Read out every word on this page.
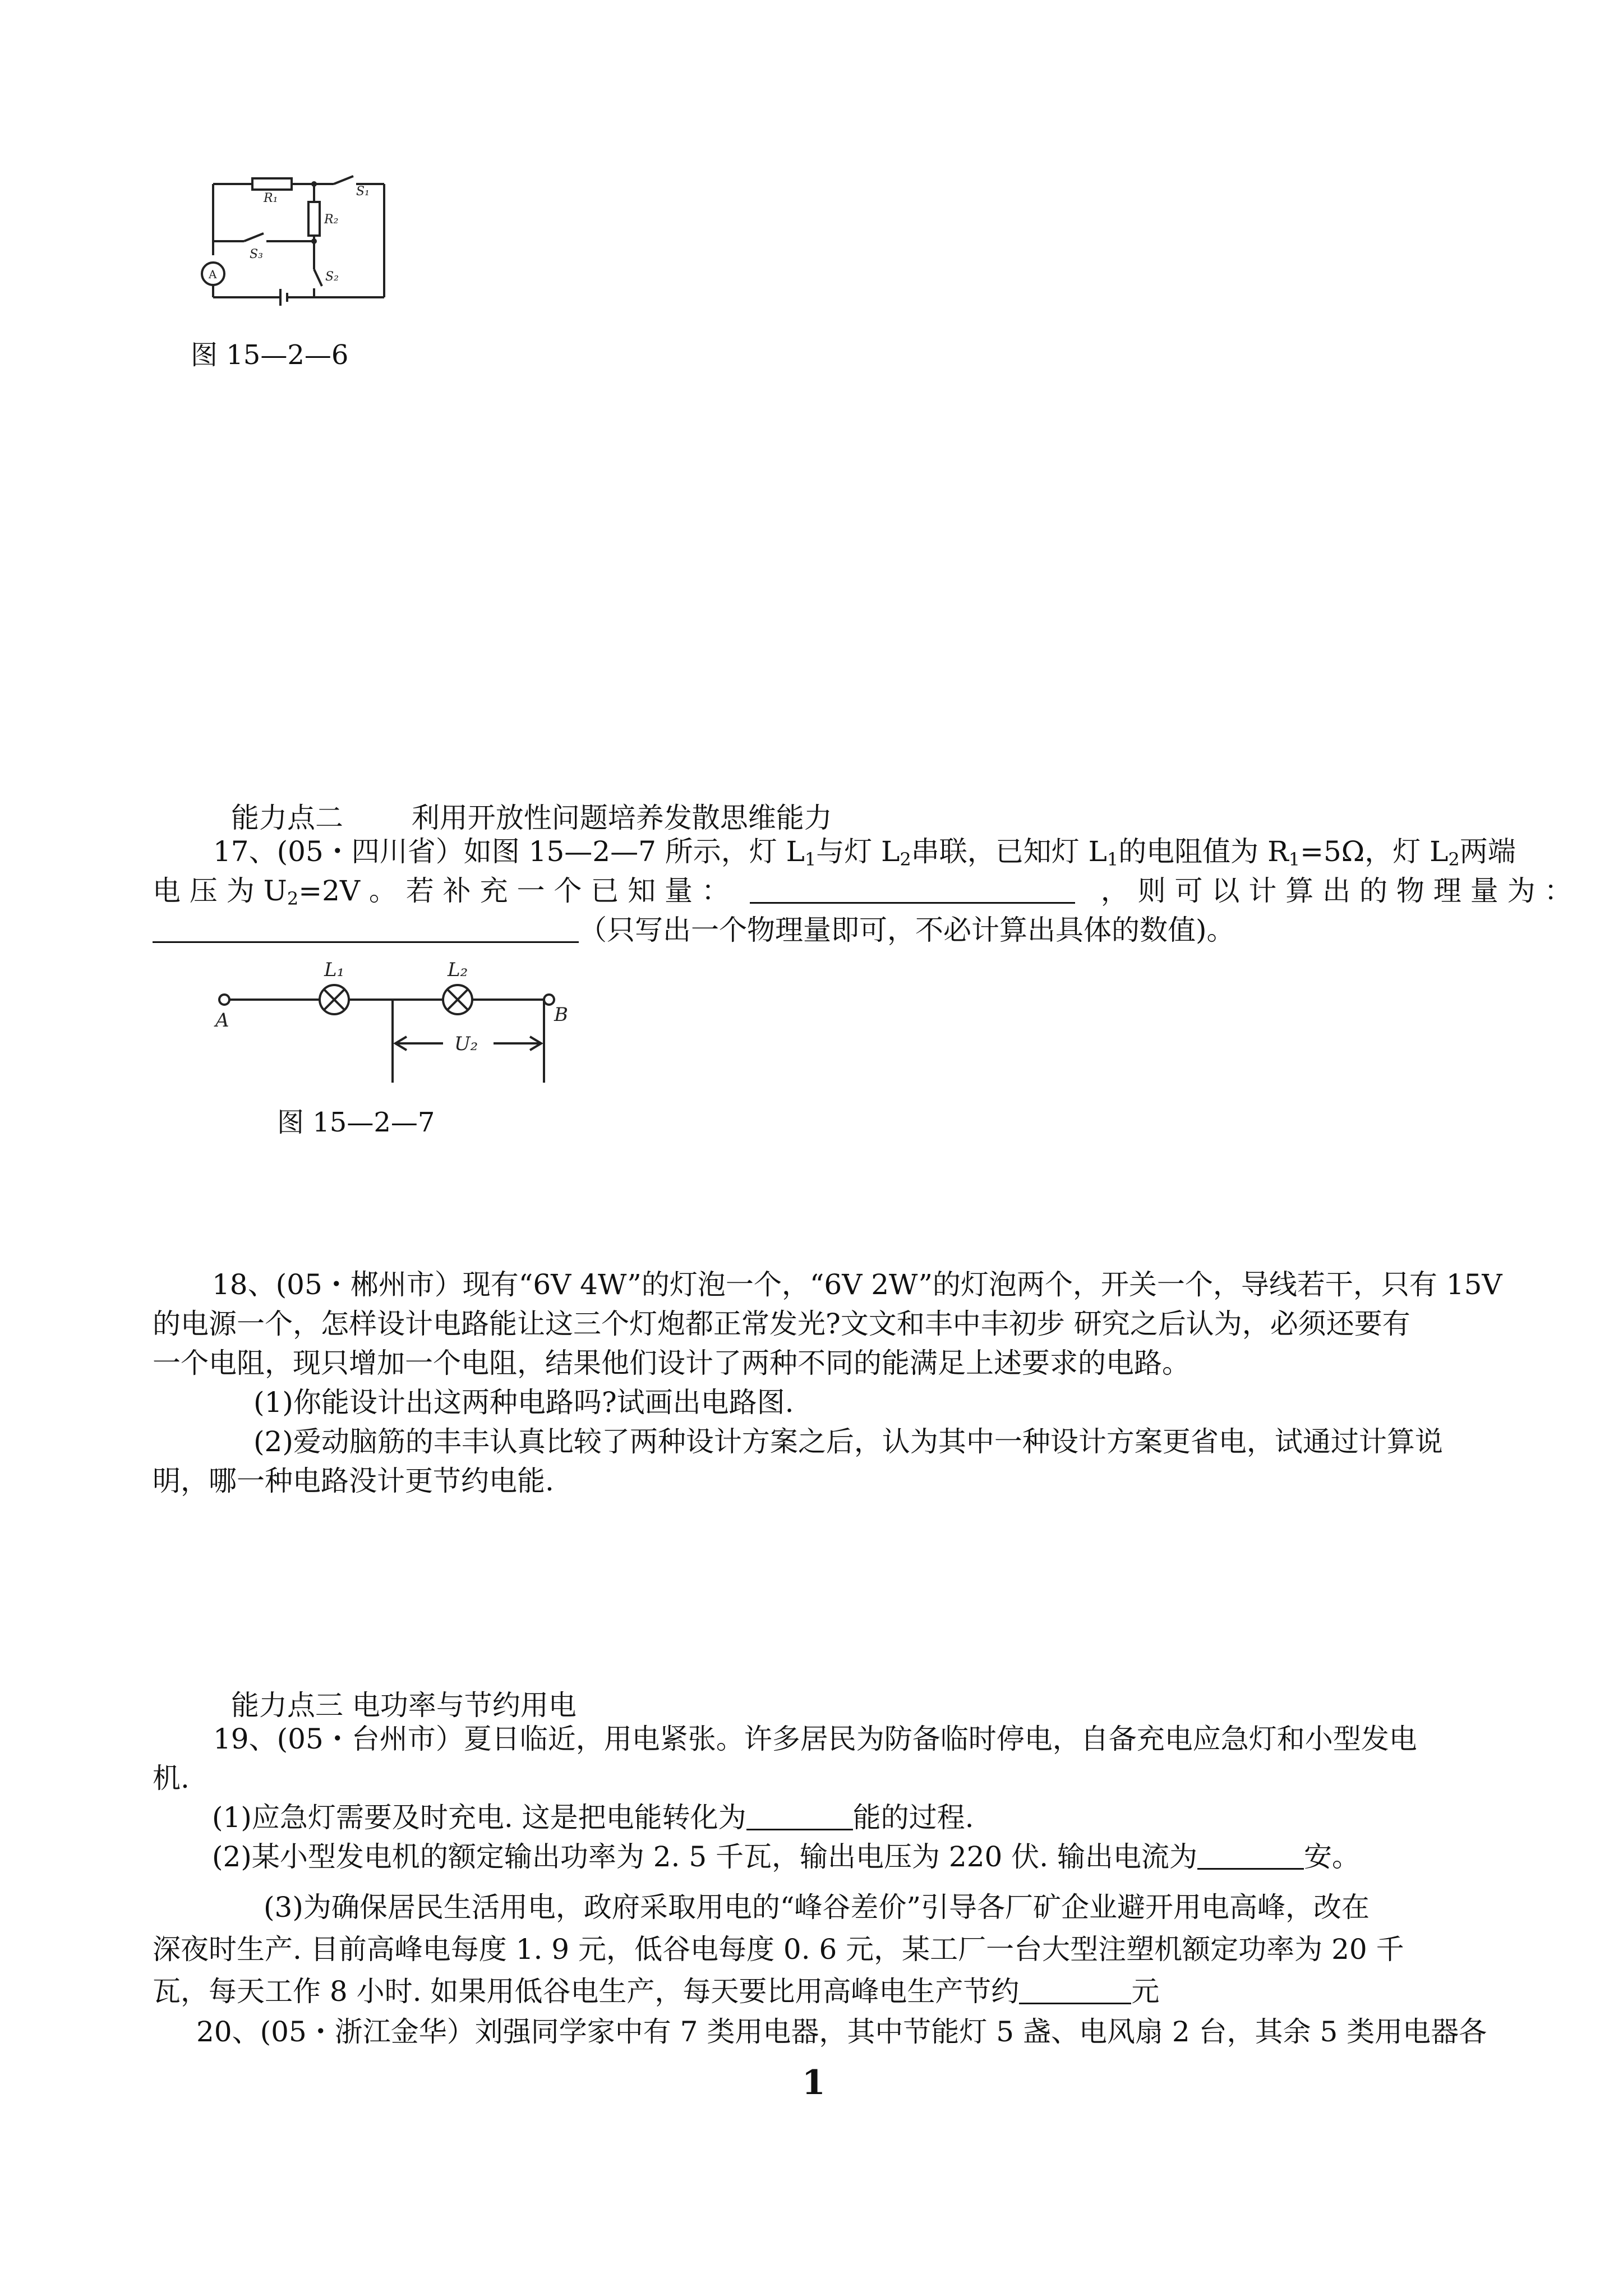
R₁
R₂
S₁
S₃
S₂
A
图 15—2—6
能力点二 利用开放性问题培养发散思维能力
17、(05・四川省）如图 15—2—7 所示，灯 $L_1$与灯 $L_2$串联，已知灯 $L_1$的电阻值为 $R_1=5\Omega$，灯 $L_2$两端
电 压 为 $U_2=2V$ 。 若 补 充 一 个 已 知 量 ：	， 则 可 以 计 算 出 的 物 理 量 为 ：
（只写出一个物理量即可，不必计算出具体的数值)。
L₁	L₂
A	B
U₂
图 15—2—7
18、(05・郴州市）现有“6V 4W”的灯泡一个，“6V 2W”的灯泡两个，开关一个，导线若干，只有 15V
的电源一个，怎样设计电路能让这三个灯炮都正常发光?文文和丰中丰初步 研究之后认为，必须还要有
一个电阻，现只增加一个电阻，结果他们设计了两种不同的能满足上述要求的电路。
(1)你能设计出这两种电路吗?试画出电路图.
(2)爱动脑筋的丰丰认真比较了两种设计方案之后，认为其中一种设计方案更省电，试通过计算说
明，哪一种电路没计更节约电能.
能力点三 电功率与节约用电
19、(05・台州市）夏日临近，用电紧张。许多居民为防备临时停电，自备充电应急灯和小型发电
机.
(1)应急灯需要及时充电. 这是把电能转化为	能的过程.
(2)某小型发电机的额定输出功率为 2. 5 千瓦，输出电压为 220 伏. 输出电流为	安。
(3)为确保居民生活用电，政府采取用电的“峰谷差价”引导各厂矿企业避开用电高峰，改在
深夜时生产. 目前高峰电每度 1. 9 元，低谷电每度 0. 6 元，某工厂一台大型注塑机额定功率为 20 千
瓦，每天工作 8 小时. 如果用低谷电生产，每天要比用高峰电生产节约	元
20、(05・浙江金华）刘强同学家中有 7 类用电器，其中节能灯 5 盏、电风扇 2 台，其余 5 类用电器各
1
